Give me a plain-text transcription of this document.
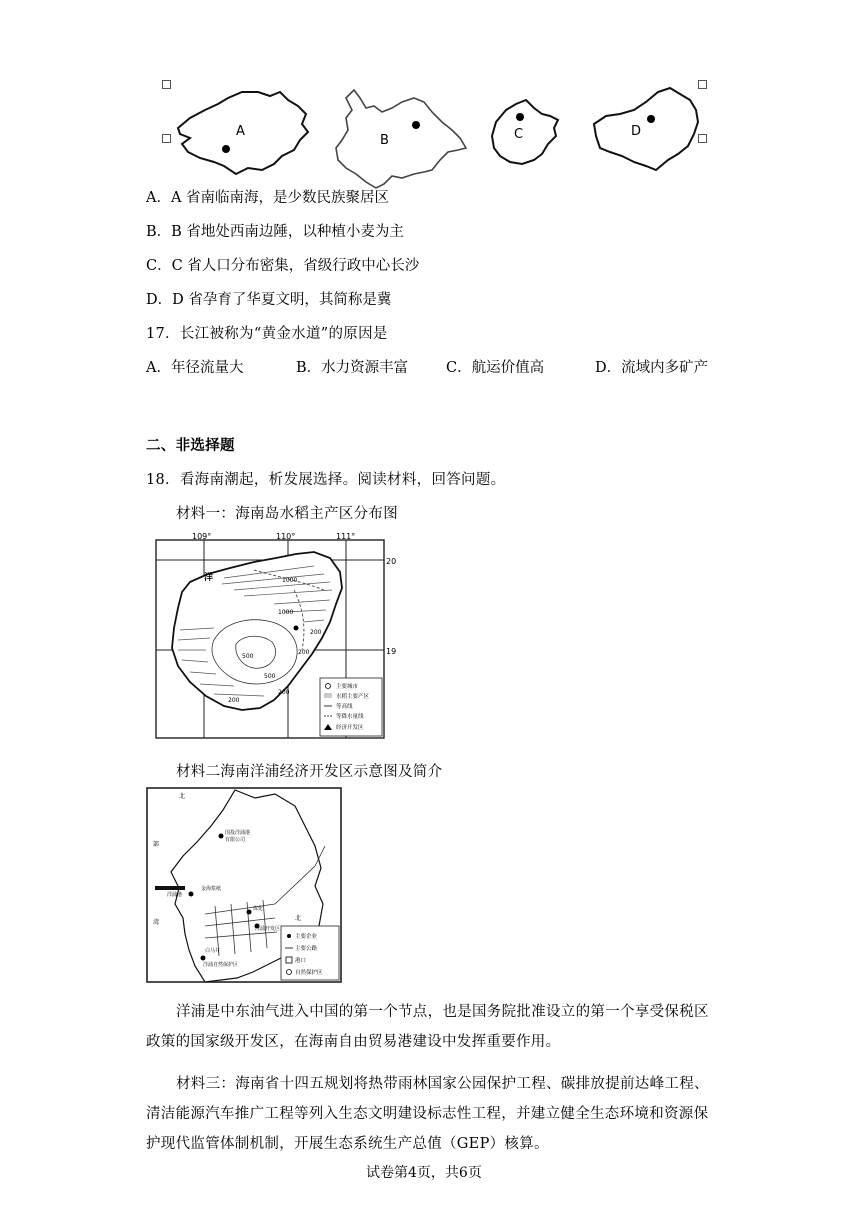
A
B	C	D
A．A 省南临南海，是少数民族聚居区
B．B 省地处西南边陲，以种植小麦为主
C．C 省人口分布密集，省级行政中心长沙
D．D 省孕育了华夏文明，其简称是冀
17．长江被称为“黄金水道”的原因是
A．年径流量大	B．水力资源丰富	C．航运价值高	D．流域内多矿产
二、非选择题
18．看海南潮起，析发展选择。阅读材料，回答问题。
材料一：海南岛水稻主产区分布图
109°	110°	111°
20
19
洋	1000
1000
200
500
500
200
200
200
主要城市
水稻主要产区
等高线
等降水量线
经济开发区
材料二海南洋浦经济开发区示意图及简介
北
部
湾
北
国投洋浦港
有限公司
金海浆纸
洋浦港
炼化
洋浦开发区
白马井
洋浦自然保护区
主要企业
主要公路
港口
自然保护区
洋浦是中东油气进入中国的第一个节点，也是国务院批准设立的第一个享受保税区
政策的国家级开发区，在海南自由贸易港建设中发挥重要作用。
材料三：海南省十四五规划将热带雨林国家公园保护工程、碳排放提前达峰工程、
清洁能源汽车推广工程等列入生态文明建设标志性工程，并建立健全生态环境和资源保
护现代监管体制机制，开展生态系统生产总值（GEP）核算。
试卷第4页，共6页
